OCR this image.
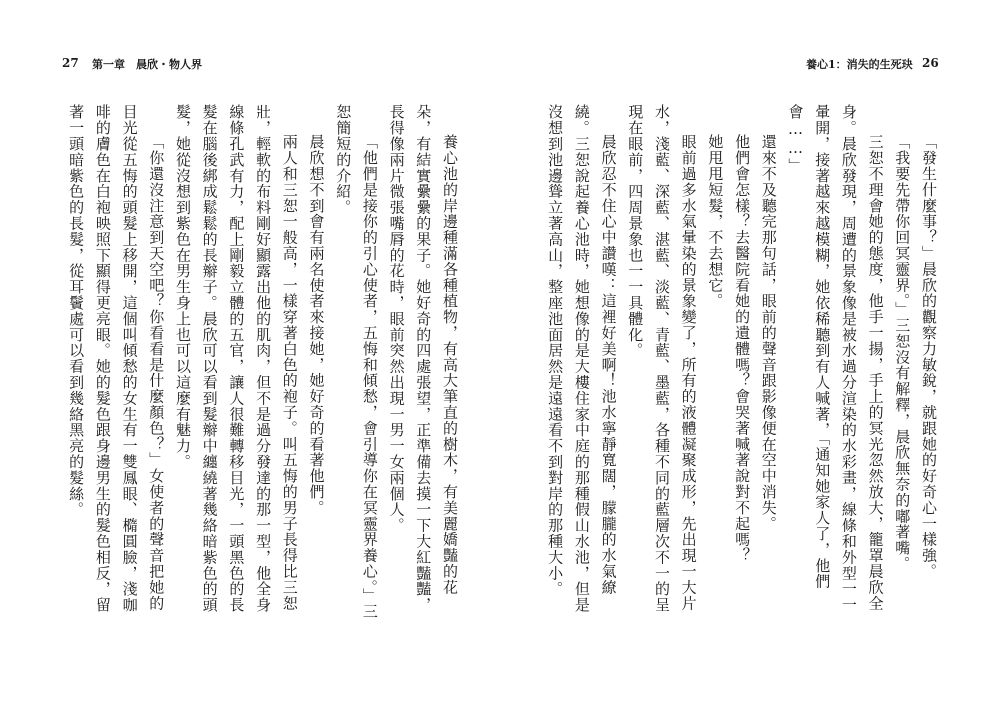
27 第一章　晨欣・物人界	養心1：消失的生死玦 26

「發生什麼事？」晨欣的觀察力敏銳，就跟她的好奇心一樣強。

「我要先帶你回冥靈界。」三恕沒有解釋，晨欣無奈的嘟著嘴。

三恕不理會她的態度，他手一揚，手上的冥光忽然放大，籠罩晨欣全身。晨欣發現，周遭的景象像是被水過分渲染的水彩畫，線條和外型一一暈開，接著越來越模糊，她依稀聽到有人喊著，「通知她家人了，他們會……」

還來不及聽完那句話，眼前的聲音跟影像便在空中消失。

他們會怎樣？去醫院看她的遺體嗎？會哭著喊著說對不起嗎？

她甩甩短髮，不去想它。

眼前過多水氣暈染的景象變了，所有的液體凝聚成形，先出現一大片水，淺藍、深藍、湛藍、淡藍、青藍、墨藍，各種不同的藍層次不一的呈現在眼前，四周景象也一一具體化。

晨欣忍不住心中讚嘆：這裡好美啊！池水寧靜寬闊，朦朧的水氣繚繞。三恕說起養心池時，她想像的是大樓住家中庭的那種假山水池，但是沒想到池邊聳立著高山，整座池面居然是遠遠看不到對岸的那種大小。

養心池的岸邊種滿各種植物，有高大筆直的樹木，有美麗嬌豔的花朵，有結實纍纍的果子。她好奇的四處張望，正準備去摸一下大紅豔豔，長得像兩片微張嘴脣的花時，眼前突然出現一男一女兩個人。

「他們是接你的引心使者，五悔和傾愁，會引導你在冥靈界養心。」三恕簡短的介紹。

晨欣想不到會有兩名使者來接她，她好奇的看著他們。

兩人和三恕一般高，一樣穿著白色的袍子。叫五悔的男子長得比三恕壯，輕軟的布料剛好顯露出他的肌肉，但不是過分發達的那一型，他全身線條孔武有力，配上剛毅立體的五官，讓人很難轉移目光，一頭黑色的長髮在腦後綁成鬆鬆的長辮子。晨欣可以看到髮辮中纏繞著幾絡暗紫色的頭髮，她從沒想到紫色在男生身上也可以這麼有魅力。

「你還沒注意到天空吧？你看看是什麼顏色？」女使者的聲音把她的目光從五悔的頭髮上移開，這個叫傾愁的女生有一雙鳳眼、橢圓臉，淺咖啡的膚色在白袍映照下顯得更亮眼。她的髮色跟身邊男生的髮色相反，留著一頭暗紫色的長髮，從耳鬢處可以看到幾絡黑亮的髮絲。
